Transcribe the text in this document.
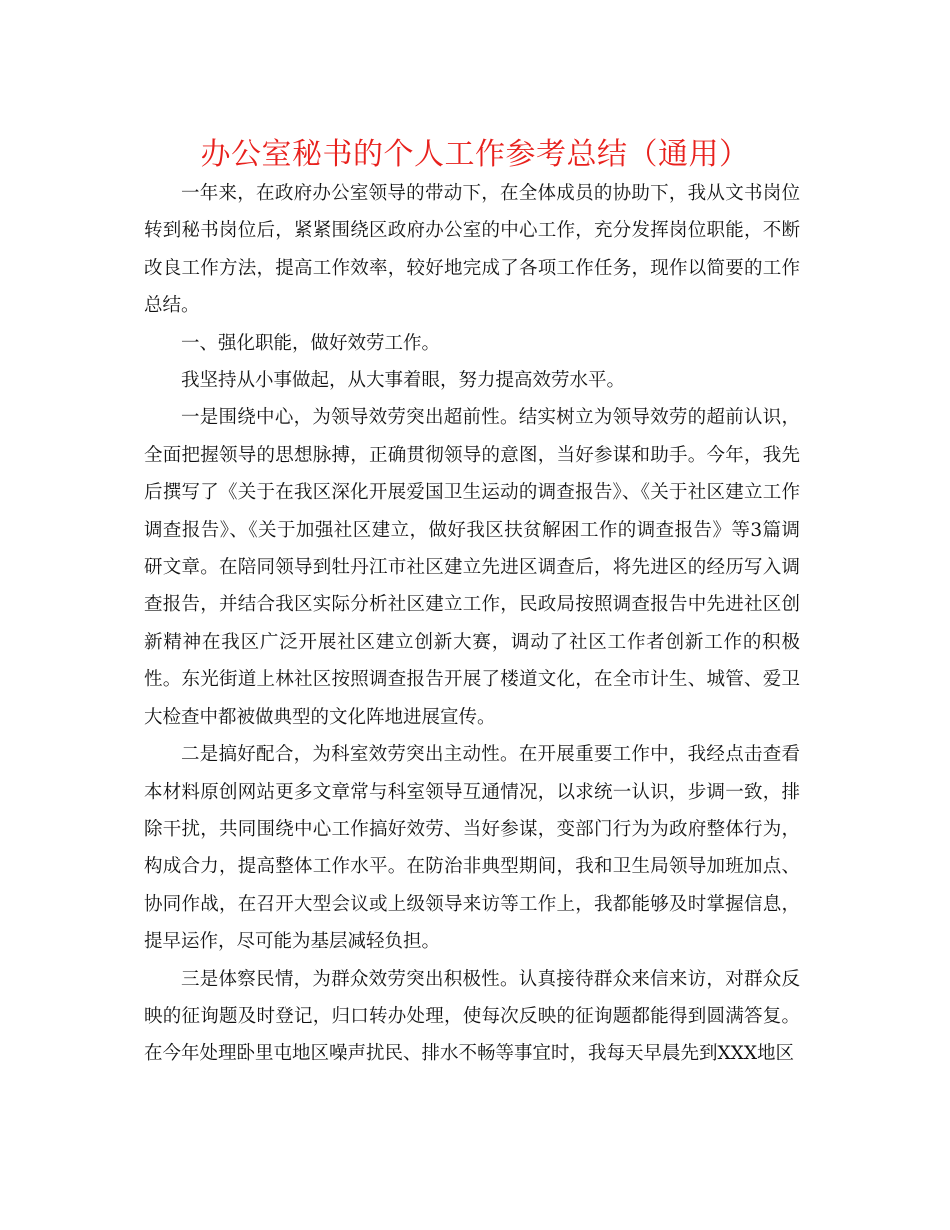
办公室秘书的个人工作参考总结（通用）

一年来，在政府办公室领导的带动下，在全体成员的协助下，我从文书岗位转到秘书岗位后，紧紧围绕区政府办公室的中心工作，充分发挥岗位职能，不断改良工作方法，提高工作效率，较好地完成了各项工作任务，现作以简要的工作总结。

一、强化职能，做好效劳工作。

我坚持从小事做起，从大事着眼，努力提高效劳水平。

一是围绕中心，为领导效劳突出超前性。结实树立为领导效劳的超前认识，全面把握领导的思想脉搏，正确贯彻领导的意图，当好参谋和助手。今年，我先后撰写了《关于在我区深化开展爱国卫生运动的调查报告》、《关于社区建立工作调查报告》、《关于加强社区建立，做好我区扶贫解困工作的调查报告》等3篇调研文章。在陪同领导到牡丹江市社区建立先进区调查后，将先进区的经历写入调查报告，并结合我区实际分析社区建立工作，民政局按照调查报告中先进社区创新精神在我区广泛开展社区建立创新大赛，调动了社区工作者创新工作的积极性。东光街道上林社区按照调查报告开展了楼道文化，在全市计生、城管、爱卫大检查中都被做典型的文化阵地进展宣传。

二是搞好配合，为科室效劳突出主动性。在开展重要工作中，我经点击查看本材料原创网站更多文章常与科室领导互通情况，以求统一认识，步调一致，排除干扰，共同围绕中心工作搞好效劳、当好参谋，变部门行为为政府整体行为，构成合力，提高整体工作水平。在防治非典型期间，我和卫生局领导加班加点、协同作战，在召开大型会议或上级领导来访等工作上，我都能够及时掌握信息，提早运作，尽可能为基层减轻负担。

三是体察民情，为群众效劳突出积极性。认真接待群众来信来访，对群众反映的征询题及时登记，归口转办处理，使每次反映的征询题都能得到圆满答复。在今年处理卧里屯地区噪声扰民、排水不畅等事宜时，我每天早晨先到XXX地区
